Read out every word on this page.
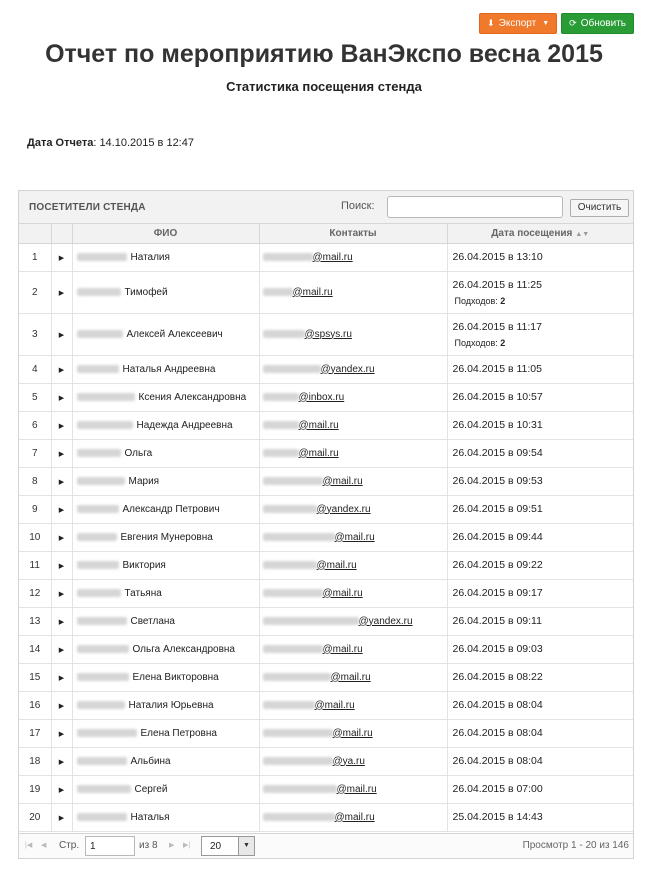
⬇ Экспорт ▼ ⟳ Обновить
Отчет по мероприятию ВанЭкспо весна 2015
Статистика посещения стенда
Дата Отчета: 14.10.2015 в 12:47
ПОСЕТИТЕЛИ СТЕНДА	Поиск:	Очистить
		ФИО	Контакты	Дата посещения ▲▼
1	▶	Наталия	@mail.ru	26.04.2015 в 13:10

2	▶	Тимофей	@mail.ru	26.04.2015 в 11:25
Подходов: 2

3	▶	Алексей Алексеевич	@spsys.ru	26.04.2015 в 11:17
Подходов: 2

4	▶	Наталья Андреевна	@yandex.ru	26.04.2015 в 11:05

5	▶	Ксения Александровна	@inbox.ru	26.04.2015 в 10:57

6	▶	Надежда Андреевна	@mail.ru	26.04.2015 в 10:31

7	▶	Ольга	@mail.ru	26.04.2015 в 09:54

8	▶	Мария	@mail.ru	26.04.2015 в 09:53

9	▶	Александр Петрович	@yandex.ru	26.04.2015 в 09:51

10	▶	Евгения Мунеровна	@mail.ru	26.04.2015 в 09:44

11	▶	Виктория	@mail.ru	26.04.2015 в 09:22

12	▶	Татьяна	@mail.ru	26.04.2015 в 09:17

13	▶	Светлана	@yandex.ru	26.04.2015 в 09:11

14	▶	Ольга Александровна	@mail.ru	26.04.2015 в 09:03

15	▶	Елена Викторовна	@mail.ru	26.04.2015 в 08:22

16	▶	Наталия Юрьевна	@mail.ru	26.04.2015 в 08:04

17	▶	Елена Петровна	@mail.ru	26.04.2015 в 08:04

18	▶	Альбина	@ya.ru	26.04.2015 в 08:04

19	▶	Сергей	@mail.ru	26.04.2015 в 07:00

20	▶	Наталья	@mail.ru	25.04.2015 в 14:43
|◀ ◀ Стр.
1	из 8 ▶ ▶| 20	▼	Просмотр 1 - 20 из 146
